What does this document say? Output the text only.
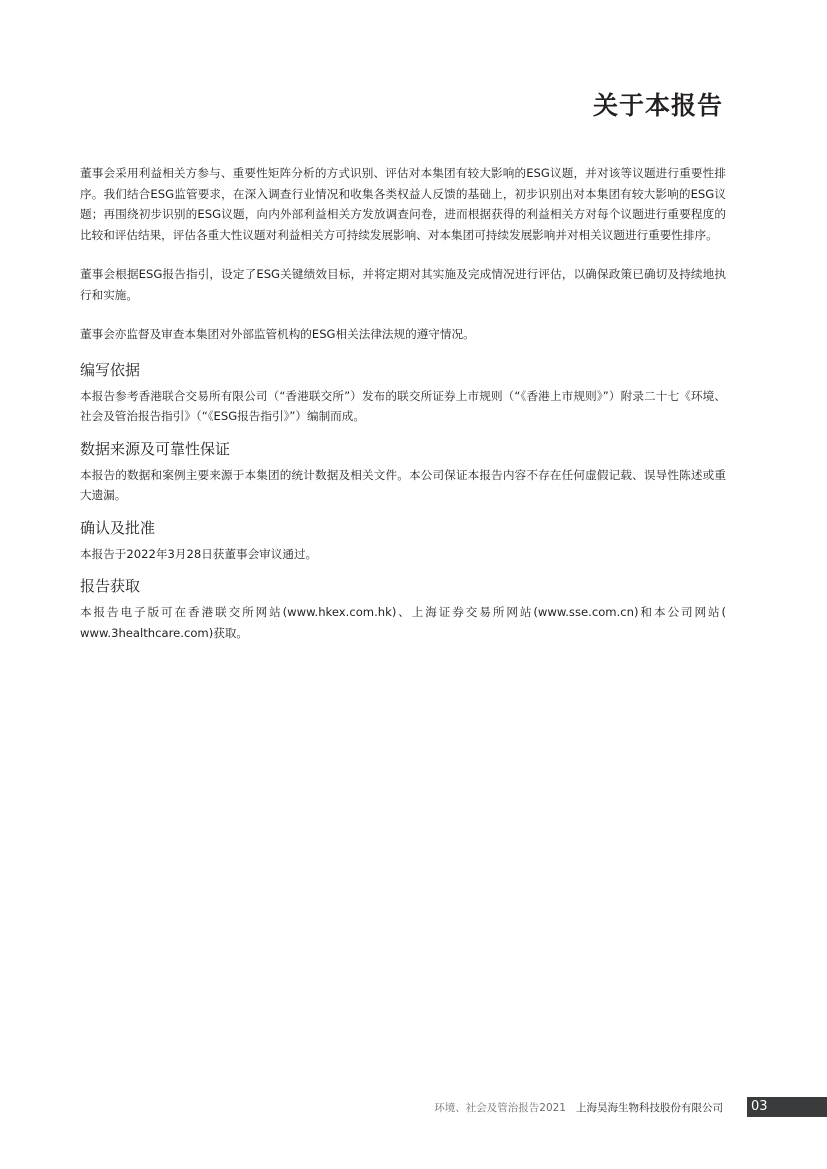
关于本报告

董事会采用利益相关方参与、重要性矩阵分析的方式识别、评估对本集团有较大影响的ESG议题，并对该等议题进行重要性排序。我们结合ESG监管要求，在深入调查行业情况和收集各类权益人反馈的基础上，初步识别出对本集团有较大影响的ESG议题；再围绕初步识别的ESG议题，向内外部利益相关方发放调查问卷，进而根据获得的利益相关方对每个议题进行重要程度的比较和评估结果，评估各重大性议题对利益相关方可持续发展影响、对本集团可持续发展影响并对相关议题进行重要性排序。

董事会根据ESG报告指引，设定了ESG关键绩效目标，并将定期对其实施及完成情况进行评估，以确保政策已确切及持续地执行和实施。

董事会亦监督及审查本集团对外部监管机构的ESG相关法律法规的遵守情况。

编写依据

本报告参考香港联合交易所有限公司（“香港联交所”）发布的联交所证券上市规则（“《香港上市规则》”）附录二十七《环境、社会及管治报告指引》（“《ESG报告指引》”）编制而成。

数据来源及可靠性保证

本报告的数据和案例主要来源于本集团的统计数据及相关文件。本公司保证本报告内容不存在任何虚假记载、误导性陈述或重大遗漏。

确认及批准

本报告于2022年3月28日获董事会审议通过。

报告获取

本报告电子版可在香港联交所网站(www.hkex.com.hk)、上海证券交易所网站(www.sse.com.cn)和本公司网站( www.3healthcare.com)获取。

环境、社会及管治报告2021 上海昊海生物科技股份有限公司	03
